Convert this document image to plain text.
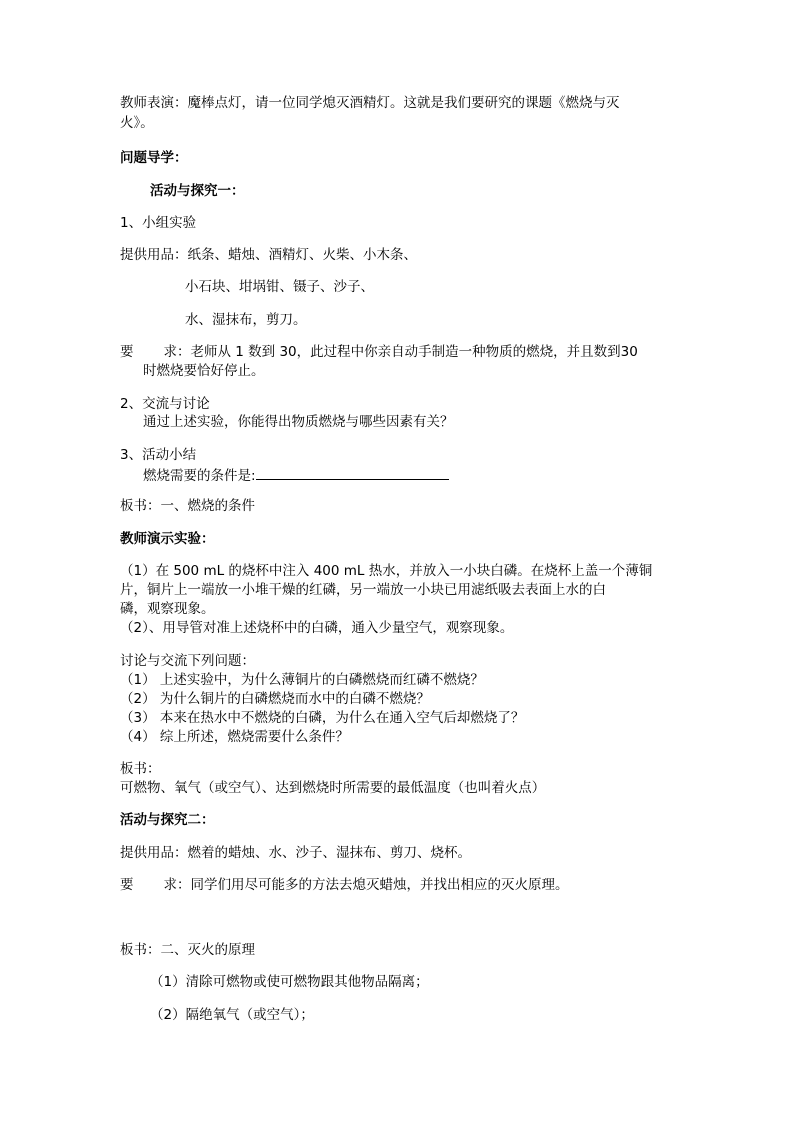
教师表演：魔棒点灯，请一位同学熄灭酒精灯。这就是我们要研究的课题《燃烧与灭
火》。
问题导学：
活动与探究一：
1、小组实验
提供用品：纸条、蜡烛、酒精灯、火柴、小木条、
小石块、坩埚钳、镊子、沙子、
水、湿抹布，剪刀。
要 求：老师从 1 数到 30，此过程中你亲自动手制造一种物质的燃烧，并且数到30
时燃烧要恰好停止。
2、交流与讨论
通过上述实验，你能得出物质燃烧与哪些因素有关？
3、活动小结
燃烧需要的条件是:
板书：一、燃烧的条件
教师演示实验：
（1）在 500 mL 的烧杯中注入 400 mL 热水，并放入一小块白磷。在烧杯上盖一个薄铜
片，铜片上一端放一小堆干燥的红磷，另一端放一小块已用滤纸吸去表面上水的白
磷，观察现象。
（2）、用导管对准上述烧杯中的白磷，通入少量空气，观察现象。
讨论与交流下列问题：
（1） 上述实验中，为什么薄铜片的白磷燃烧而红磷不燃烧？
（2） 为什么铜片的白磷燃烧而水中的白磷不燃烧？
（3） 本来在热水中不燃烧的白磷，为什么在通入空气后却燃烧了？
（4） 综上所述，燃烧需要什么条件？
板书：
可燃物、氧气（或空气）、达到燃烧时所需要的最低温度（也叫着火点）
活动与探究二：
提供用品：燃着的蜡烛、水、沙子、湿抹布、剪刀、烧杯。
要 求：同学们用尽可能多的方法去熄灭蜡烛，并找出相应的灭火原理。
板书：二、灭火的原理
（1）清除可燃物或使可燃物跟其他物品隔离；
（2）隔绝氧气（或空气）；
